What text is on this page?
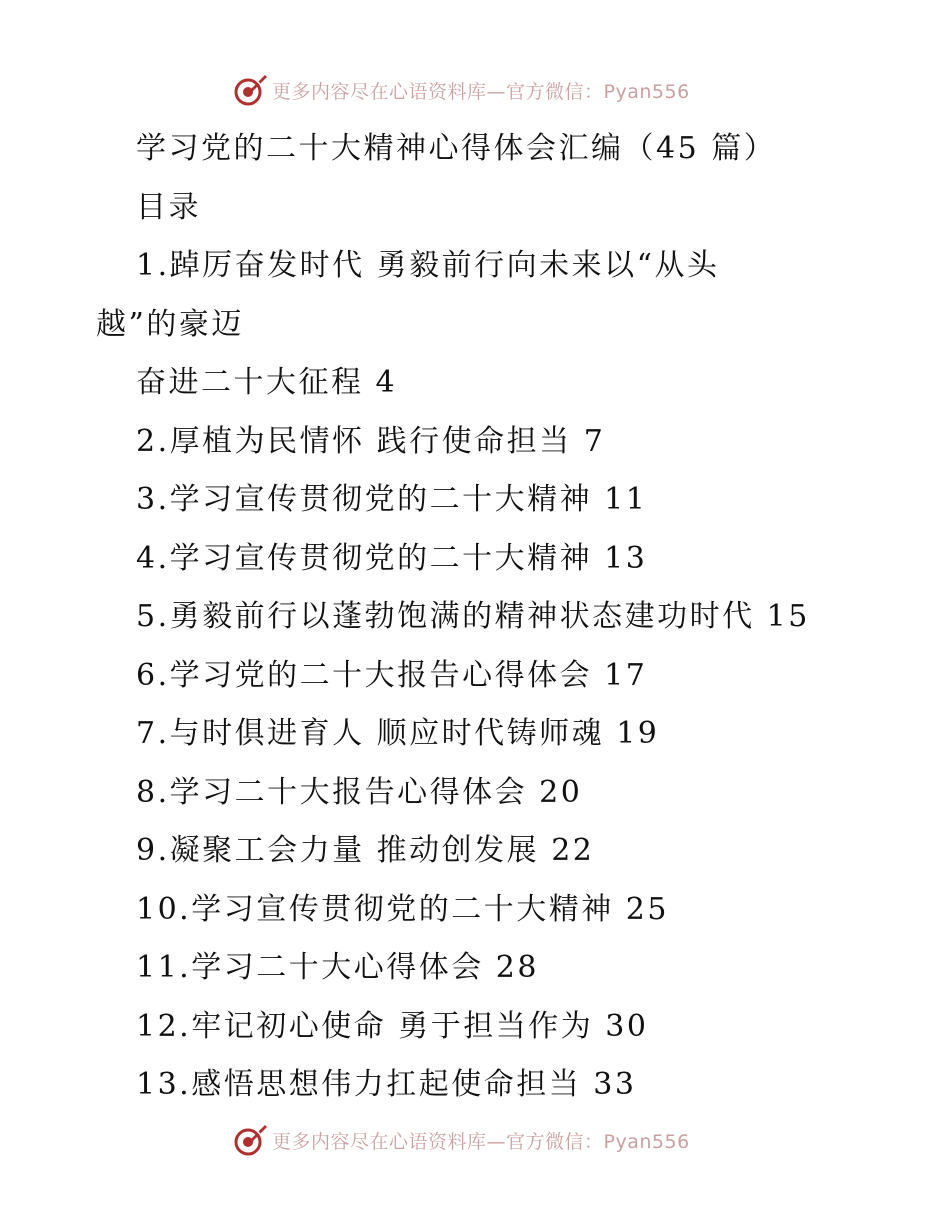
更多内容尽在心语资料库—官方微信：Pyan556
学习党的二十大精神心得体会汇编（45 篇）
目录
1.踔厉奋发时代 勇毅前行向未来以“从头
越”的豪迈
奋进二十大征程 4
2.厚植为民情怀 践行使命担当 7
3.学习宣传贯彻党的二十大精神 11
4.学习宣传贯彻党的二十大精神 13
5.勇毅前行以蓬勃饱满的精神状态建功时代 15
6.学习党的二十大报告心得体会 17
7.与时俱进育人 顺应时代铸师魂 19
8.学习二十大报告心得体会 20
9.凝聚工会力量 推动创发展 22
10.学习宣传贯彻党的二十大精神 25
11.学习二十大心得体会 28
12.牢记初心使命 勇于担当作为 30
13.感悟思想伟力扛起使命担当 33
更多内容尽在心语资料库—官方微信：Pyan556
